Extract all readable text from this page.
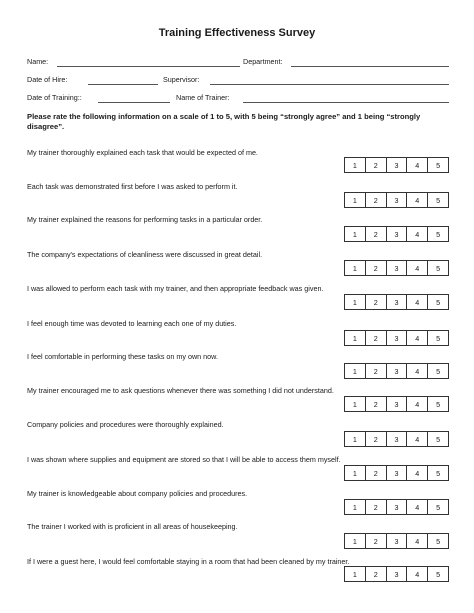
Training Effectiveness Survey
Name:	Department:
Date of Hire:	Supervisor:
Date of Training::	Name of Trainer:
Please rate the following information on a scale of 1 to 5, with 5 being “strongly agree” and 1 being “strongly disagree”.
My trainer thoroughly explained each task that would be expected of me.
1	2	3	4	5
Each task was demonstrated first before I was asked to perform it.
1	2	3	4	5
My trainer explained the reasons for performing tasks in a particular order.
1	2	3	4	5
The company's expectations of cleanliness were discussed in great detail.
1	2	3	4	5
I was allowed to perform each task with my trainer, and then appropriate feedback was given.
1	2	3	4	5
I feel enough time was devoted to learning each one of my duties.
1	2	3	4	5
I feel comfortable in performing these tasks on my own now.
1	2	3	4	5
My trainer encouraged me to ask questions whenever there was something I did not understand.
1	2	3	4	5
Company policies and procedures were thoroughly explained.
1	2	3	4	5
I was shown where supplies and equipment are stored so that I will be able to access them myself.
1	2	3	4	5
My trainer is knowledgeable about company policies and procedures.
1	2	3	4	5
The trainer I worked with is proficient in all areas of housekeeping.
1	2	3	4	5
If I were a guest here, I would feel comfortable staying in a room that had been cleaned by my trainer.
1	2	3	4	5
